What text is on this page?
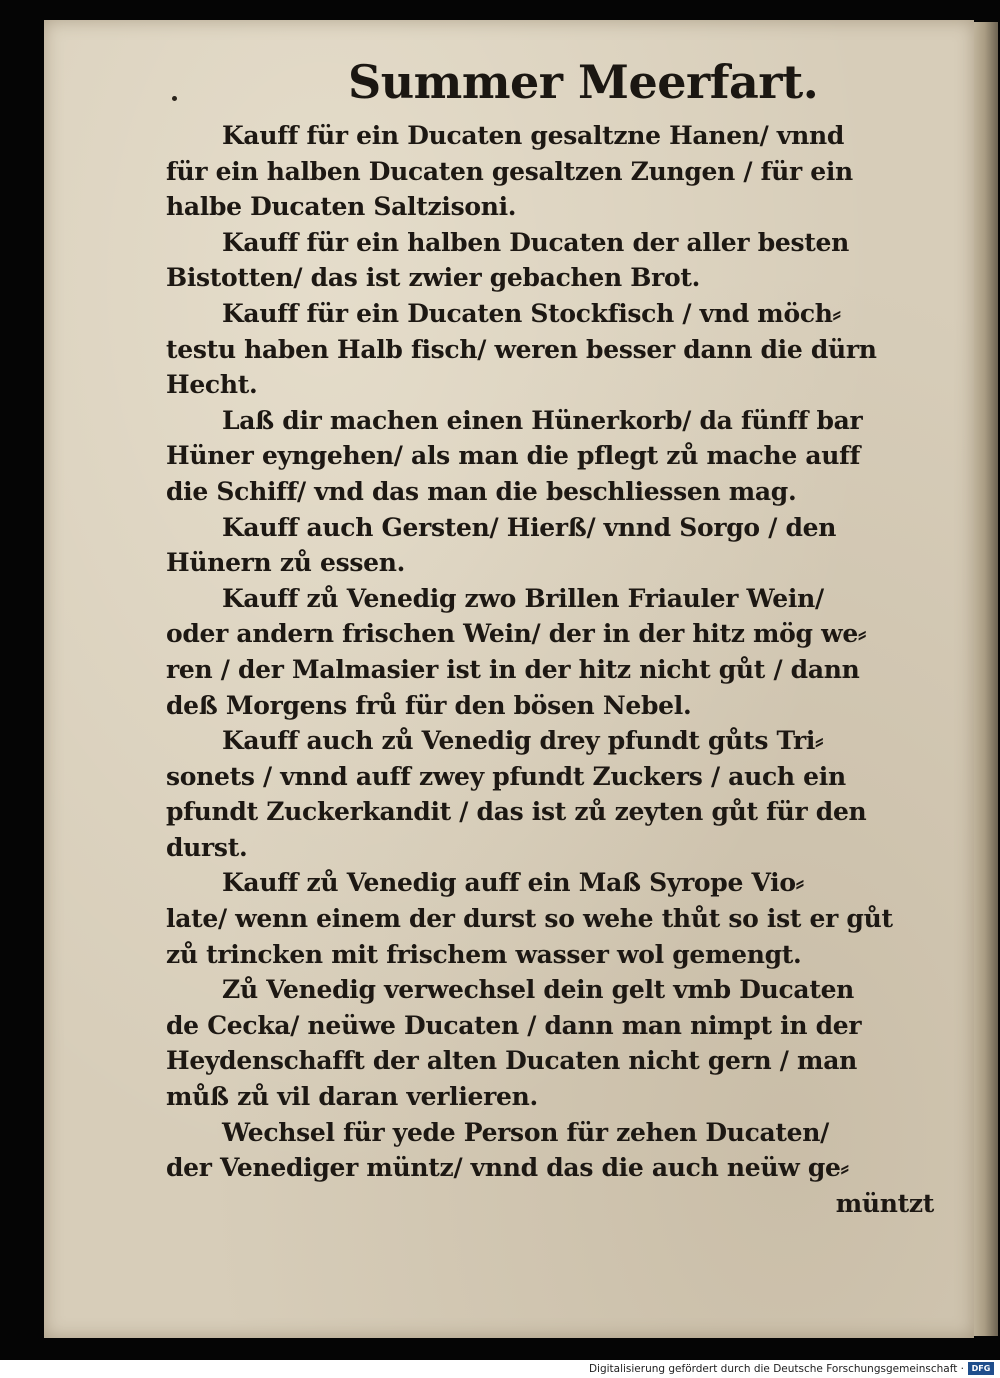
Summer Meerfart.
Kauff für ein Ducaten gesaltzne Hanen/ vnnd
für ein halben Ducaten gesaltzen Zungen / für ein
halbe Ducaten Saltzisoni.
Kauff für ein halben Ducaten der aller besten
Bistotten/ das ist zwier gebachen Brot.
Kauff für ein Ducaten Stockfisch / vnd möch⸗
testu haben Halb fisch/ weren besser dann die dürn
Hecht.
Laß dir machen einen Hünerkorb/ da fünff bar
Hüner eyngehen/ als man die pflegt zů mache auff
die Schiff/ vnd das man die beschliessen mag.
Kauff auch Gersten/ Hierß/ vnnd Sorgo / den
Hünern zů essen.
Kauff zů Venedig zwo Brillen Friauler Wein/
oder andern frischen Wein/ der in der hitz mög we⸗
ren / der Malmasier ist in der hitz nicht gůt / dann
deß Morgens frů für den bösen Nebel.
Kauff auch zů Venedig drey pfundt gůts Tri⸗
sonets / vnnd auff zwey pfundt Zuckers / auch ein
pfundt Zuckerkandit / das ist zů zeyten gůt für den
durst.
Kauff zů Venedig auff ein Maß Syrope Vio⸗
late/ wenn einem der durst so wehe thůt so ist er gůt
zů trincken mit frischem wasser wol gemengt.
Zů Venedig verwechsel dein gelt vmb Ducaten
de Cecka/ neüwe Ducaten / dann man nimpt in der
Heydenschafft der alten Ducaten nicht gern / man
můß zů vil daran verlieren.
Wechsel für yede Person für zehen Ducaten/
der Venediger müntz/ vnnd das die auch neüw ge⸗
müntzt
Digitalisierung gefördert durch die Deutsche Forschungsgemeinschaft · DFG
